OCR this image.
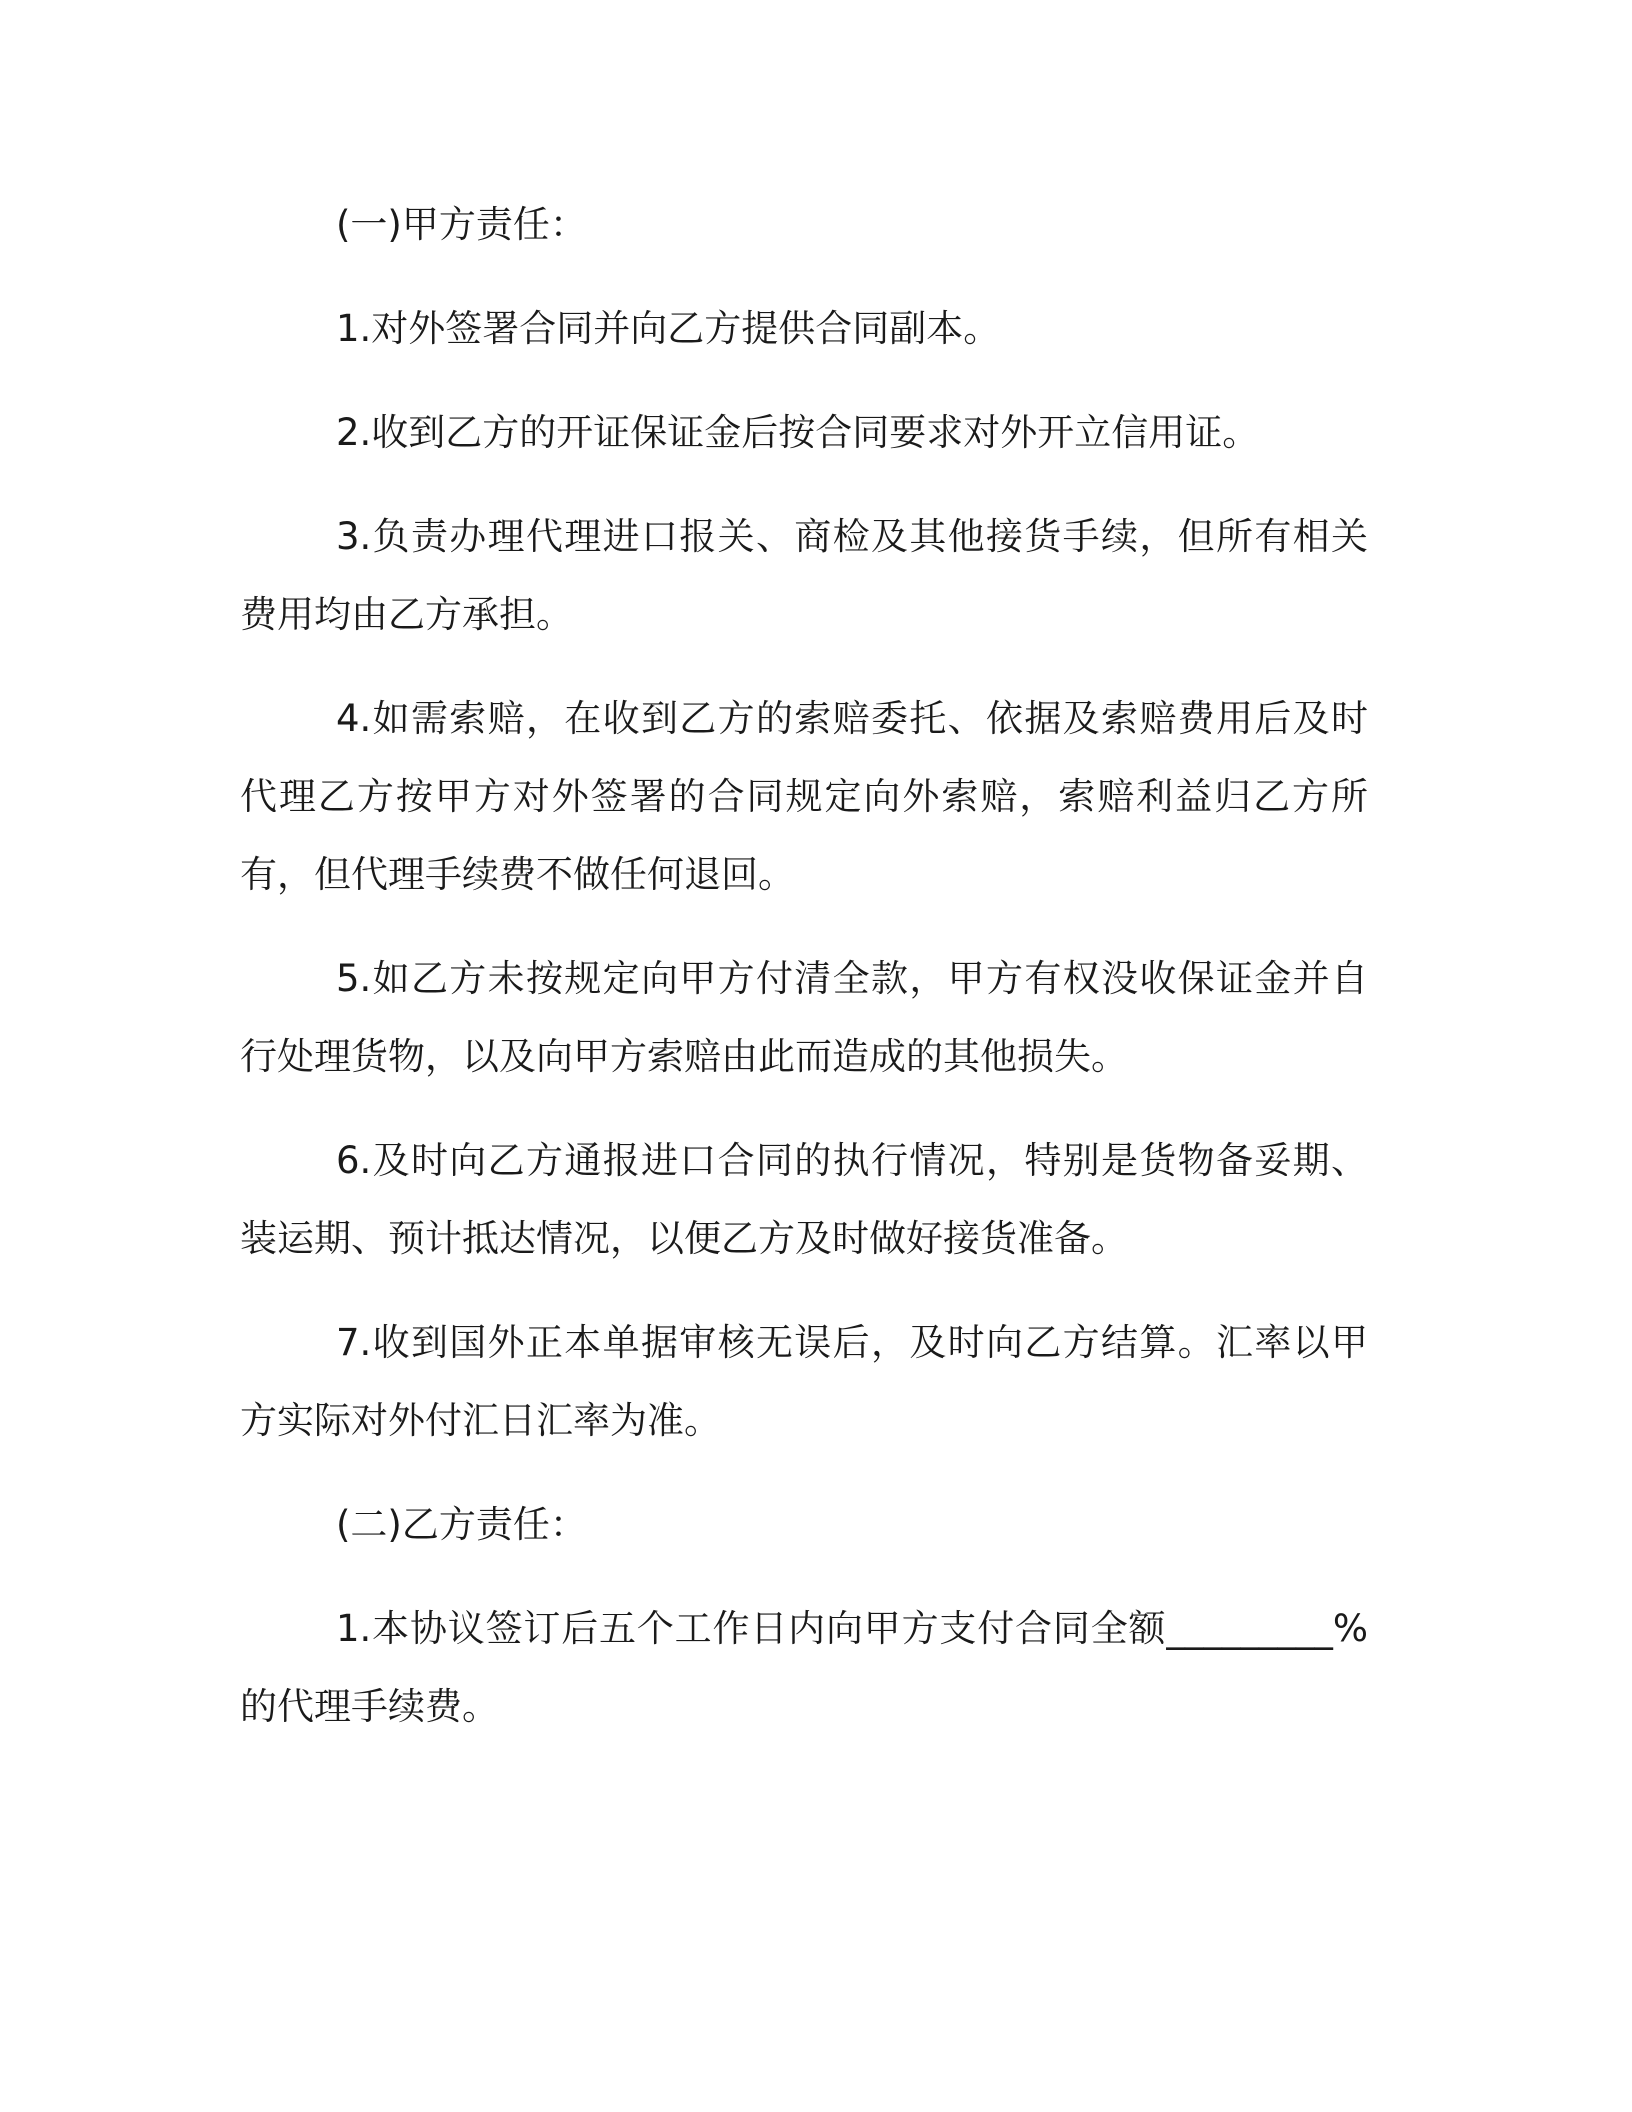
(一)甲方责任：

1.对外签署合同并向乙方提供合同副本。

2.收到乙方的开证保证金后按合同要求对外开立信用证。

3.负责办理代理进口报关、商检及其他接货手续，但所有相关费用均由乙方承担。

4.如需索赔，在收到乙方的索赔委托、依据及索赔费用后及时代理乙方按甲方对外签署的合同规定向外索赔，索赔利益归乙方所有，但代理手续费不做任何退回。

5.如乙方未按规定向甲方付清全款，甲方有权没收保证金并自行处理货物，以及向甲方索赔由此而造成的其他损失。

6.及时向乙方通报进口合同的执行情况，特别是货物备妥期、装运期、预计抵达情况，以便乙方及时做好接货准备。

7.收到国外正本单据审核无误后，及时向乙方结算。汇率以甲方实际对外付汇日汇率为准。

(二)乙方责任：

1.本协议签订后五个工作日内向甲方支付合同全额_________%的代理手续费。
